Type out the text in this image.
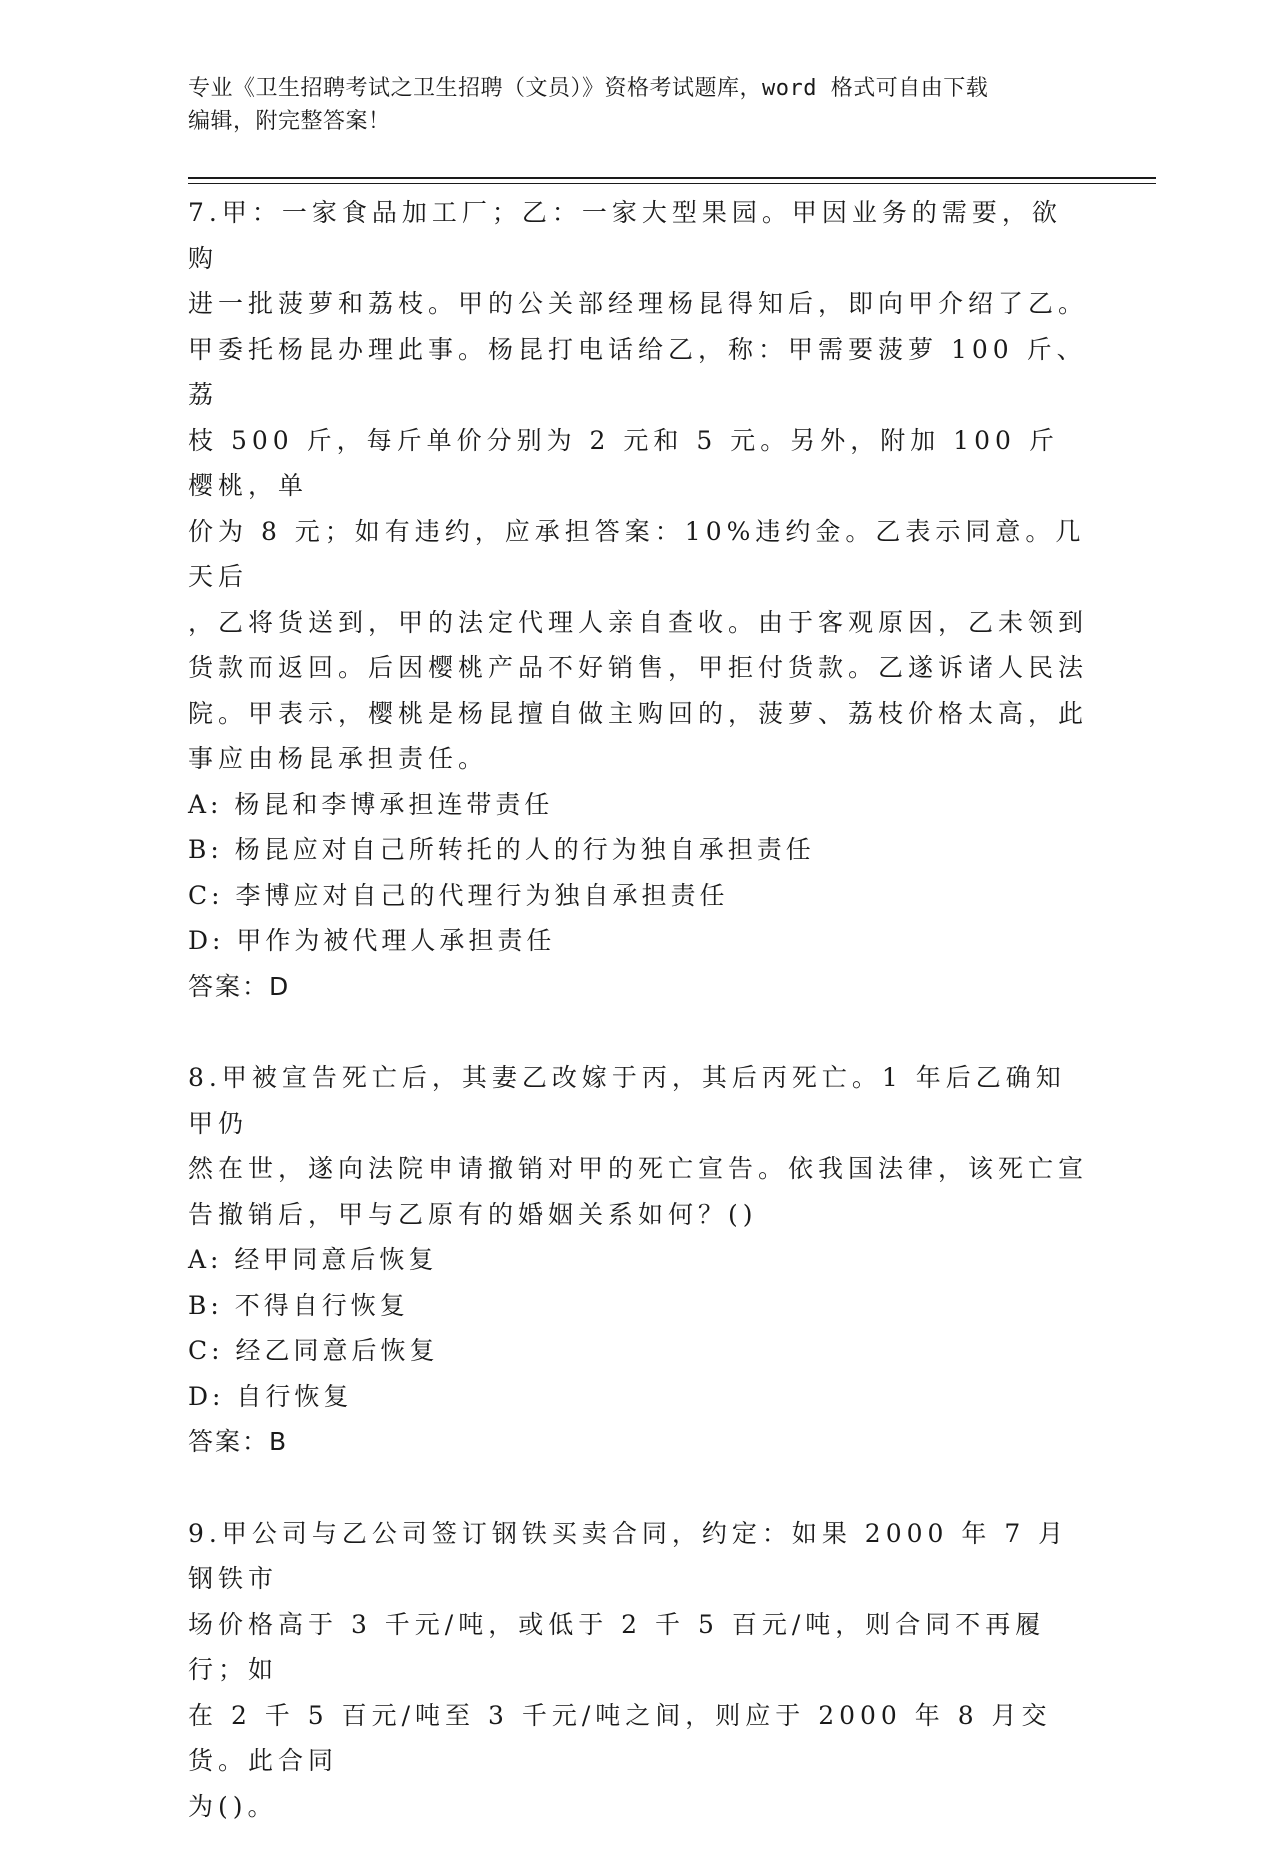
专业《卫生招聘考试之卫生招聘（文员）》资格考试题库，word 格式可自由下载
编辑，附完整答案！

7.甲：一家食品加工厂；乙：一家大型果园。甲因业务的需要，欲购

进一批菠萝和荔枝。甲的公关部经理杨昆得知后，即向甲介绍了乙。

甲委托杨昆办理此事。杨昆打电话给乙，称：甲需要菠萝 100 斤、荔

枝 500 斤，每斤单价分别为 2 元和 5 元。另外，附加 100 斤樱桃，单

价为 8 元；如有违约，应承担答案：10%违约金。乙表示同意。几天后

，乙将货送到，甲的法定代理人亲自查收。由于客观原因，乙未领到

货款而返回。后因樱桃产品不好销售，甲拒付货款。乙遂诉诸人民法

院。甲表示，樱桃是杨昆擅自做主购回的，菠萝、荔枝价格太高，此

事应由杨昆承担责任。

A: 杨昆和李博承担连带责任

B: 杨昆应对自己所转托的人的行为独自承担责任

C: 李博应对自己的代理行为独自承担责任

D: 甲作为被代理人承担责任

答案：D

8.甲被宣告死亡后，其妻乙改嫁于丙，其后丙死亡。1 年后乙确知甲仍

然在世，遂向法院申请撤销对甲的死亡宣告。依我国法律，该死亡宣

告撤销后，甲与乙原有的婚姻关系如何？()

A: 经甲同意后恢复

B: 不得自行恢复

C: 经乙同意后恢复

D: 自行恢复

答案：B

9.甲公司与乙公司签订钢铁买卖合同，约定：如果 2000 年 7 月钢铁市

场价格高于 3 千元/吨，或低于 2 千 5 百元/吨，则合同不再履行；如

在 2 千 5 百元/吨至 3 千元/吨之间，则应于 2000 年 8 月交货。此合同

为()。
